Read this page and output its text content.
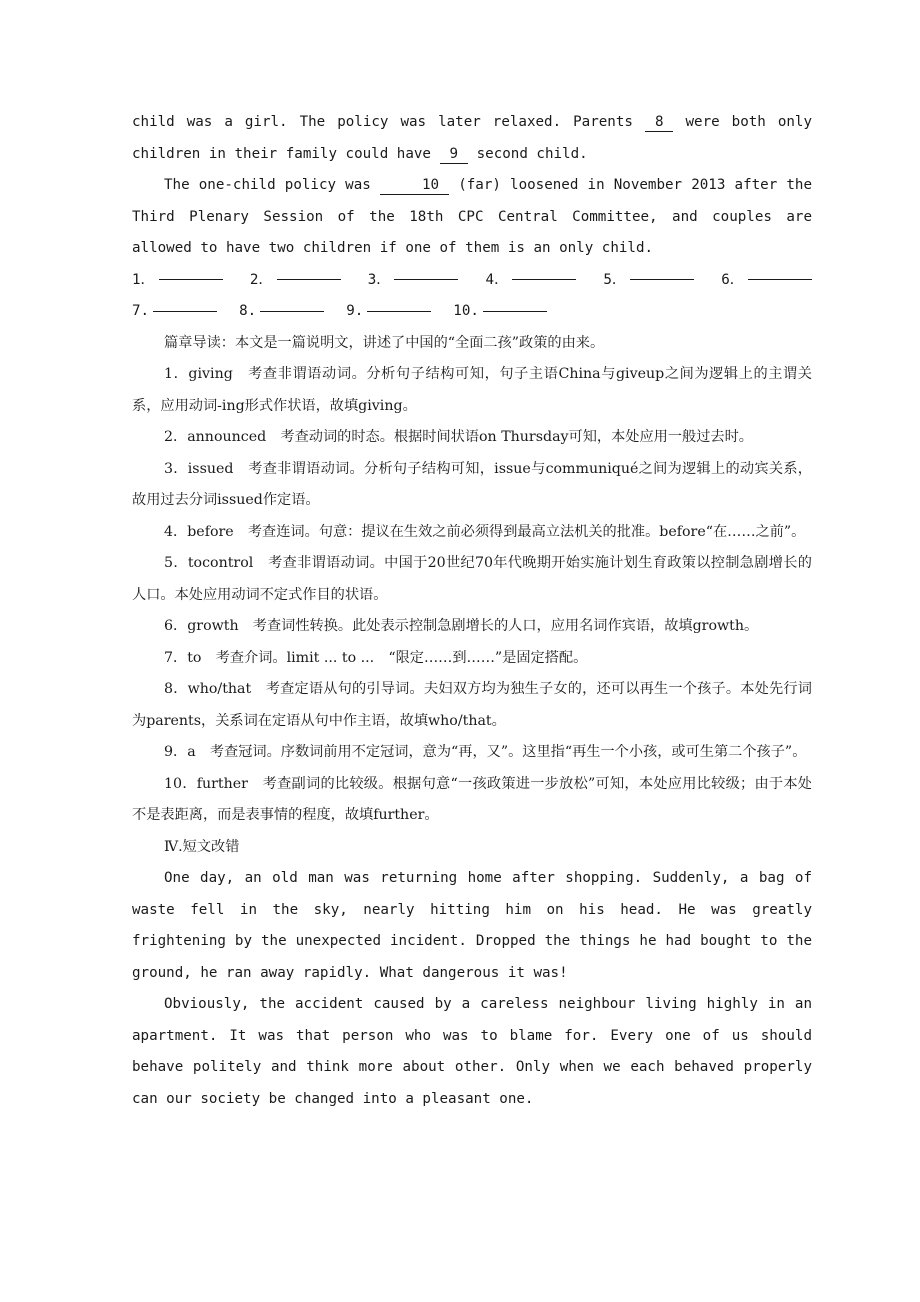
child was a girl. The policy was later relaxed. Parents 8 were both only children in their family could have 9 second child.

The one-child policy was	10 (far) loosened in November 2013 after the Third Plenary Session of the 18th CPC Central Committee, and couples are allowed to have two children if one of them is an only child.

1．	2．	3．	4．	5．	6．
7.	8.	9.	10.

篇章导读：本文是一篇说明文，讲述了中国的“全面二孩”政策的由来。

1．giving　考查非谓语动词。分析句子结构可知，句子主语China与giveup之间为逻辑上的主谓关系，应用动词-ing形式作状语，故填giving。

2．announced　考查动词的时态。根据时间状语on Thursday可知，本处应用一般过去时。

3．issued　考查非谓语动词。分析句子结构可知，issue与communiqué之间为逻辑上的动宾关系，故用过去分词issued作定语。

4．before　考查连词。句意：提议在生效之前必须得到最高立法机关的批准。before“在……之前”。

5．tocontrol　考查非谓语动词。中国于20世纪70年代晚期开始实施计划生育政策以控制急剧增长的人口。本处应用动词不定式作目的状语。

6．growth　考查词性转换。此处表示控制急剧增长的人口，应用名词作宾语，故填growth。

7．to　考查介词。limit ... to ...　“限定……到……”是固定搭配。

8．who/that　考查定语从句的引导词。夫妇双方均为独生子女的，还可以再生一个孩子。本处先行词为parents，关系词在定语从句中作主语，故填who/that。

9．a　考查冠词。序数词前用不定冠词，意为“再，又”。这里指“再生一个小孩，或可生第二个孩子”。

10．further　考查副词的比较级。根据句意“一孩政策进一步放松”可知，本处应用比较级；由于本处不是表距离，而是表事情的程度，故填further。

Ⅳ.短文改错

One day, an old man was returning home after shopping. Suddenly, a bag of waste fell in the sky, nearly hitting him on his head. He was greatly frightening by the unexpected incident. Dropped the things he had bought to the ground, he ran away rapidly. What dangerous it was!

Obviously, the accident caused by a careless neighbour living highly in an apartment. It was that person who was to blame for. Every one of us should behave politely and think more about other. Only when we each behaved properly can our society be changed into a pleasant one.
